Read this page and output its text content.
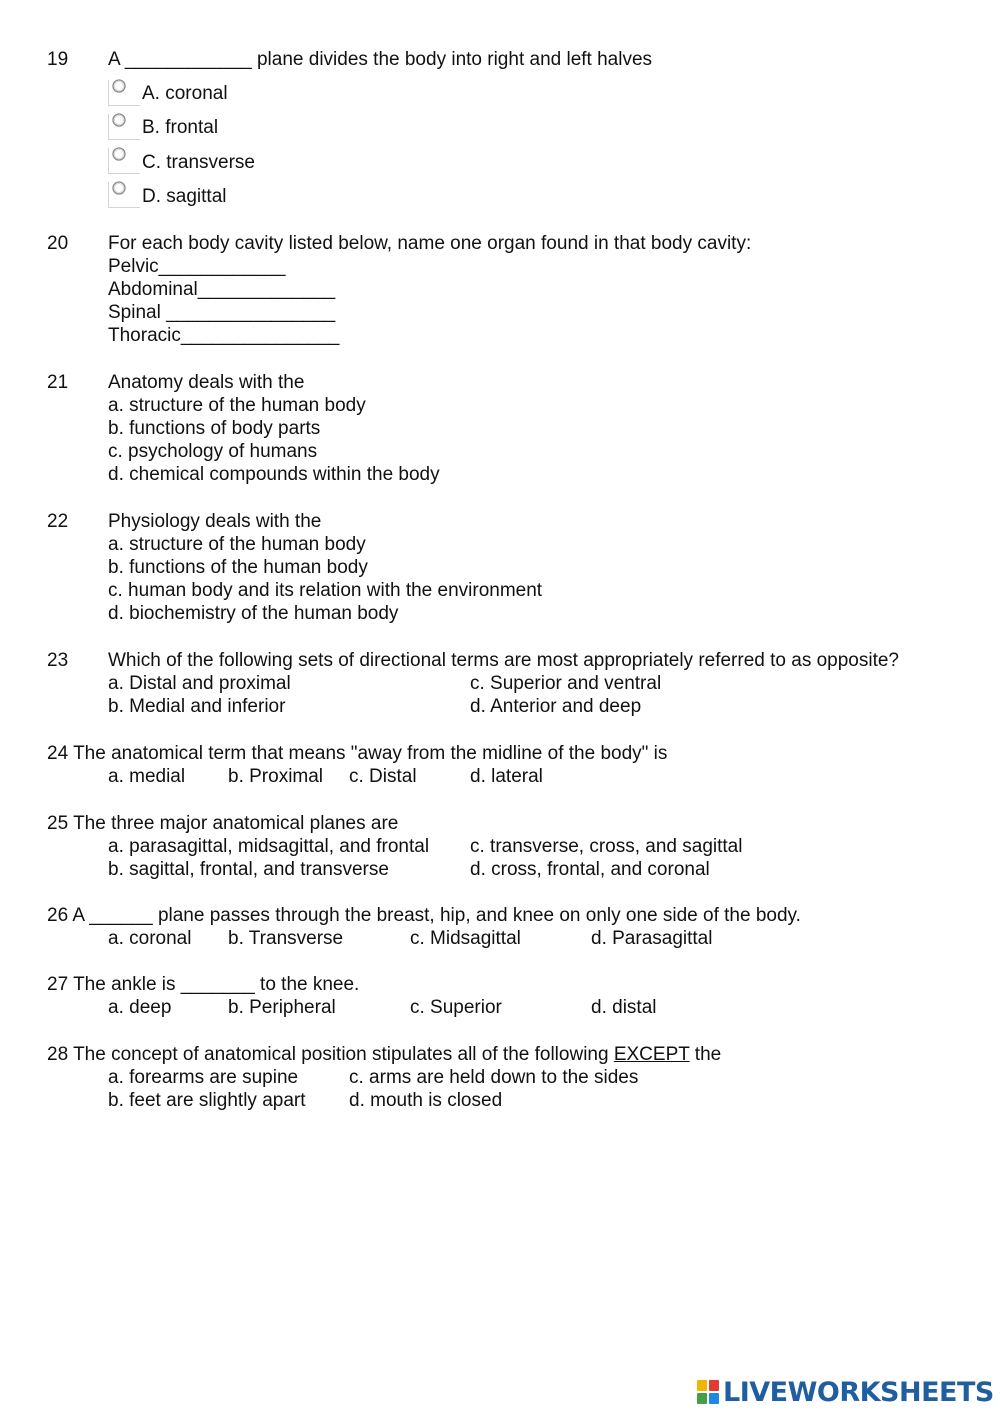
19 A ____________ plane divides the body into right and left halves
A. coronal
B. frontal
C. transverse
D. sagittal
20 For each body cavity listed below, name one organ found in that body cavity:
Pelvic____________
Abdominal_____________
Spinal ________________
Thoracic_______________
21 Anatomy deals with the
a. structure of the human body
b. functions of body parts
c. psychology of humans
d. chemical compounds within the body
22 Physiology deals with the
a. structure of the human body
b. functions of the human body
c. human body and its relation with the environment
d. biochemistry of the human body
23 Which of the following sets of directional terms are most appropriately referred to as opposite?
a. Distal and proximal	c. Superior and ventral
b. Medial and inferior	d. Anterior and deep
24 The anatomical term that means "away from the midline of the body" is
a. medial b. Proximal c. Distal	d. lateral
25 The three major anatomical planes are
a. parasagittal, midsagittal, and frontal c. transverse, cross, and sagittal
b. sagittal, frontal, and transverse	d. cross, frontal, and coronal
26 A ______ plane passes through the breast, hip, and knee on only one side of the body.
a. coronal b. Transverse	c. Midsagittal	d. Parasagittal
27 The ankle is _______ to the knee.
a. deep	b. Peripheral	c. Superior	d. distal
28 The concept of anatomical position stipulates all of the following EXCEPT the
a. forearms are supine	c. arms are held down to the sides
b. feet are slightly apart d. mouth is closed
LIVEWORKSHEETS
